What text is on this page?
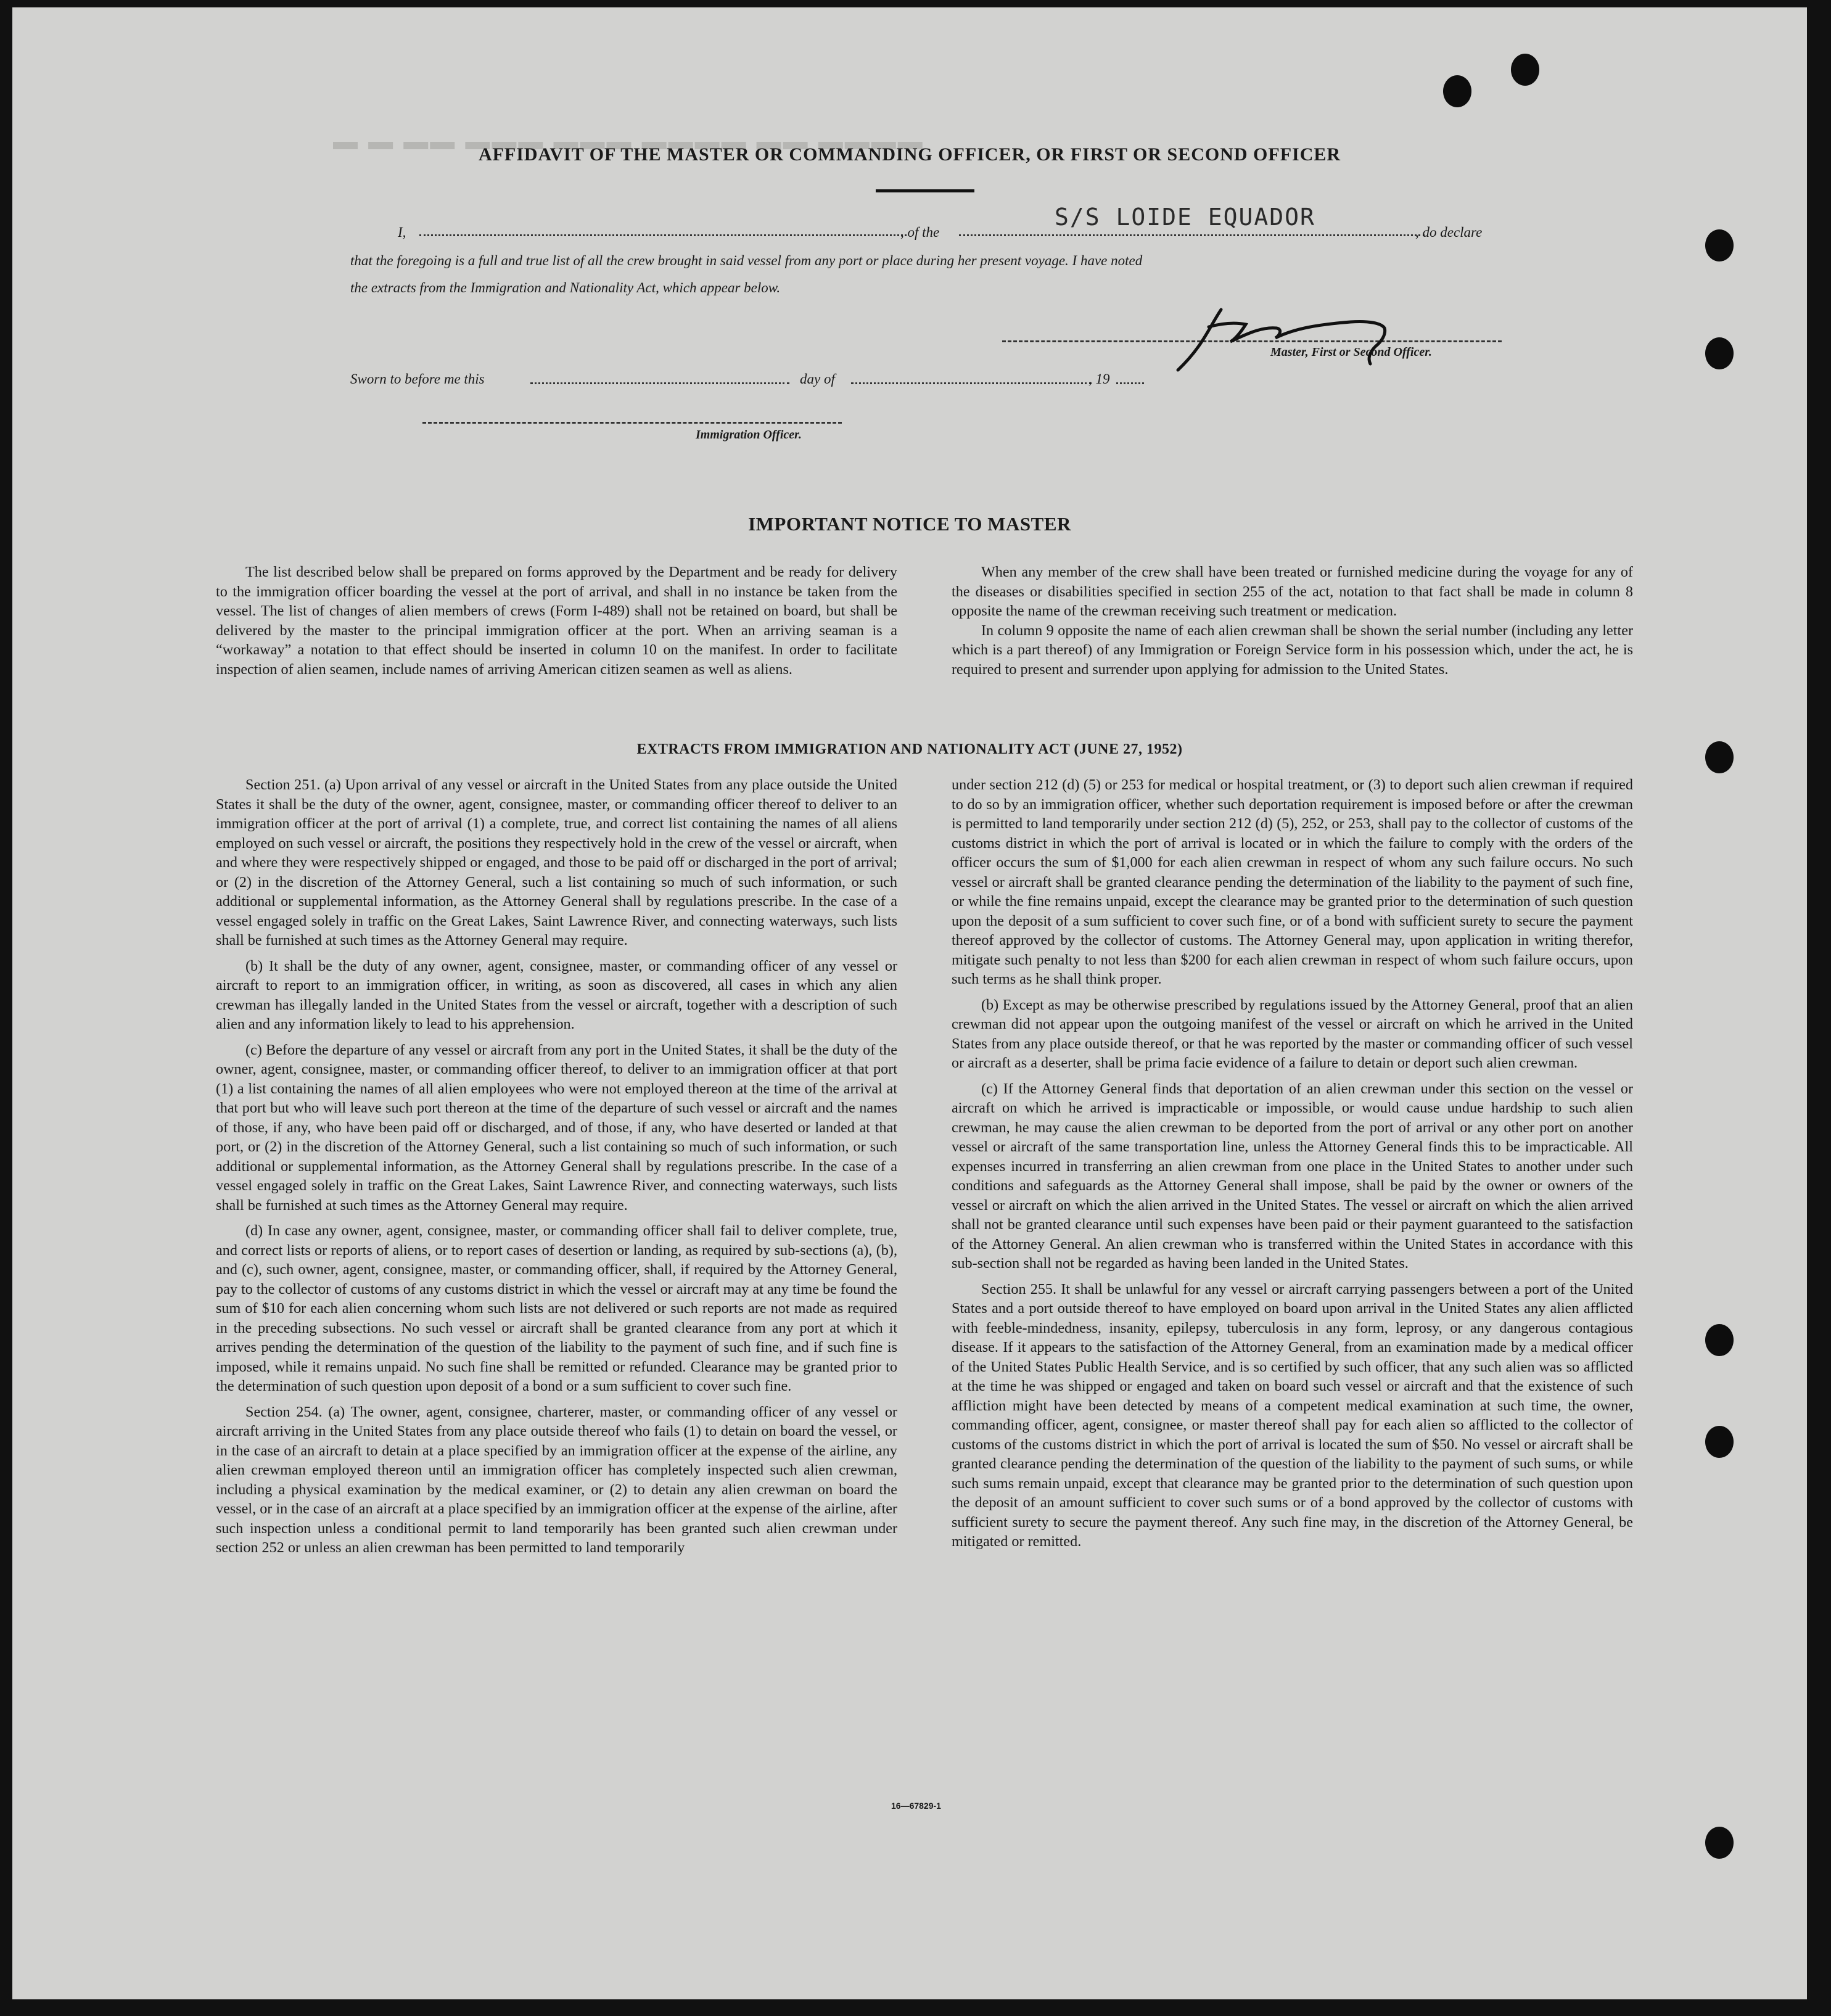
▬ ▬ ▬▬ ▬▬▬ ▬▬▬ ▬▬▬▬ ▬▬ ▬▬▬▬
AFFIDAVIT OF THE MASTER OR COMMANDING OFFICER, OR FIRST OR SECOND OFFICER
I,	, of the
S/S LOIDE EQUADOR
, do declare
that the foregoing is a full and true list of all the crew brought in said vessel from any port or place during her present voyage. I have noted
the extracts from the Immigration and Nationality Act, which appear below.
Master, First or Second Officer.
Sworn to before me this	day of	, 19
Immigration Officer.
IMPORTANT NOTICE TO MASTER

The list described below shall be prepared on forms approved by the Department and be ready for delivery to the immigration officer boarding the vessel at the port of arrival, and shall in no instance be taken from the vessel. The list of changes of alien members of crews (Form I-489) shall not be retained on board, but shall be delivered by the master to the principal immigration officer at the port. When an arriving seaman is a “workaway” a notation to that effect should be inserted in column 10 on the manifest. In order to facilitate inspection of alien seamen, include names of arriving American citizen seamen as well as aliens.

When any member of the crew shall have been treated or furnished medicine during the voyage for any of the diseases or disabilities specified in section 255 of the act, notation to that fact shall be made in column 8 opposite the name of the crewman receiving such treatment or medication.

In column 9 opposite the name of each alien crewman shall be shown the serial number (including any letter which is a part thereof) of any Immigration or Foreign Service form in his possession which, under the act, he is required to present and surrender upon applying for admission to the United States.

EXTRACTS FROM IMMIGRATION AND NATIONALITY ACT (JUNE 27, 1952)

Section 251. (a) Upon arrival of any vessel or aircraft in the United States from any place outside the United States it shall be the duty of the owner, agent, consignee, master, or commanding officer thereof to deliver to an immigration officer at the port of arrival (1) a complete, true, and correct list containing the names of all aliens employed on such vessel or aircraft, the positions they respectively hold in the crew of the vessel or aircraft, when and where they were respectively shipped or engaged, and those to be paid off or discharged in the port of arrival; or (2) in the discretion of the Attorney General, such a list containing so much of such information, or such additional or supplemental information, as the Attorney General shall by regulations prescribe. In the case of a vessel engaged solely in traffic on the Great Lakes, Saint Lawrence River, and connecting waterways, such lists shall be furnished at such times as the Attorney General may require.

(b) It shall be the duty of any owner, agent, consignee, master, or commanding officer of any vessel or aircraft to report to an immigration officer, in writing, as soon as discovered, all cases in which any alien crewman has illegally landed in the United States from the vessel or aircraft, together with a description of such alien and any information likely to lead to his apprehension.

(c) Before the departure of any vessel or aircraft from any port in the United States, it shall be the duty of the owner, agent, consignee, master, or commanding officer thereof, to deliver to an immigration officer at that port (1) a list containing the names of all alien employees who were not employed thereon at the time of the arrival at that port but who will leave such port thereon at the time of the departure of such vessel or aircraft and the names of those, if any, who have been paid off or discharged, and of those, if any, who have deserted or landed at that port, or (2) in the discretion of the Attorney General, such a list containing so much of such information, or such additional or supplemental information, as the Attorney General shall by regulations prescribe. In the case of a vessel engaged solely in traffic on the Great Lakes, Saint Lawrence River, and connecting waterways, such lists shall be furnished at such times as the Attorney General may require.

(d) In case any owner, agent, consignee, master, or commanding officer shall fail to deliver complete, true, and correct lists or reports of aliens, or to report cases of desertion or landing, as required by sub-sections (a), (b), and (c), such owner, agent, consignee, master, or commanding officer, shall, if required by the Attorney General, pay to the collector of customs of any customs district in which the vessel or aircraft may at any time be found the sum of $10 for each alien concerning whom such lists are not delivered or such reports are not made as required in the preceding subsections. No such vessel or aircraft shall be granted clearance from any port at which it arrives pending the determination of the question of the liability to the payment of such fine, and if such fine is imposed, while it remains unpaid. No such fine shall be remitted or refunded. Clearance may be granted prior to the determination of such question upon deposit of a bond or a sum sufficient to cover such fine.

Section 254. (a) The owner, agent, consignee, charterer, master, or commanding officer of any vessel or aircraft arriving in the United States from any place outside thereof who fails (1) to detain on board the vessel, or in the case of an aircraft to detain at a place specified by an immigration officer at the expense of the airline, any alien crewman employed thereon until an immigration officer has completely inspected such alien crewman, including a physical examination by the medical examiner, or (2) to detain any alien crewman on board the vessel, or in the case of an aircraft at a place specified by an immigration officer at the expense of the airline, after such inspection unless a conditional permit to land temporarily has been granted such alien crewman under section 252 or unless an alien crewman has been permitted to land temporarily

under section 212 (d) (5) or 253 for medical or hospital treatment, or (3) to deport such alien crewman if required to do so by an immigration officer, whether such deportation requirement is imposed before or after the crewman is permitted to land temporarily under section 212 (d) (5), 252, or 253, shall pay to the collector of customs of the customs district in which the port of arrival is located or in which the failure to comply with the orders of the officer occurs the sum of $1,000 for each alien crewman in respect of whom any such failure occurs. No such vessel or aircraft shall be granted clearance pending the determination of the liability to the payment of such fine, or while the fine remains unpaid, except the clearance may be granted prior to the determination of such question upon the deposit of a sum sufficient to cover such fine, or of a bond with sufficient surety to secure the payment thereof approved by the collector of customs. The Attorney General may, upon application in writing therefor, mitigate such penalty to not less than $200 for each alien crewman in respect of whom such failure occurs, upon such terms as he shall think proper.

(b) Except as may be otherwise prescribed by regulations issued by the Attorney General, proof that an alien crewman did not appear upon the outgoing manifest of the vessel or aircraft on which he arrived in the United States from any place outside thereof, or that he was reported by the master or commanding officer of such vessel or aircraft as a deserter, shall be prima facie evidence of a failure to detain or deport such alien crewman.

(c) If the Attorney General finds that deportation of an alien crewman under this section on the vessel or aircraft on which he arrived is impracticable or impossible, or would cause undue hardship to such alien crewman, he may cause the alien crewman to be deported from the port of arrival or any other port on another vessel or aircraft of the same transportation line, unless the Attorney General finds this to be impracticable. All expenses incurred in transferring an alien crewman from one place in the United States to another under such conditions and safeguards as the Attorney General shall impose, shall be paid by the owner or owners of the vessel or aircraft on which the alien arrived in the United States. The vessel or aircraft on which the alien arrived shall not be granted clearance until such expenses have been paid or their payment guaranteed to the satisfaction of the Attorney General. An alien crewman who is transferred within the United States in accordance with this sub-section shall not be regarded as having been landed in the United States.

Section 255. It shall be unlawful for any vessel or aircraft carrying passengers between a port of the United States and a port outside thereof to have employed on board upon arrival in the United States any alien afflicted with feeble-mindedness, insanity, epilepsy, tuberculosis in any form, leprosy, or any dangerous contagious disease. If it appears to the satisfaction of the Attorney General, from an examination made by a medical officer of the United States Public Health Service, and is so certified by such officer, that any such alien was so afflicted at the time he was shipped or engaged and taken on board such vessel or aircraft and that the existence of such affliction might have been detected by means of a competent medical examination at such time, the owner, commanding officer, agent, consignee, or master thereof shall pay for each alien so afflicted to the collector of customs of the customs district in which the port of arrival is located the sum of $50. No vessel or aircraft shall be granted clearance pending the determination of the question of the liability to the payment of such sums, or while such sums remain unpaid, except that clearance may be granted prior to the determination of such question upon the deposit of an amount sufficient to cover such sums or of a bond approved by the collector of customs with sufficient surety to secure the payment thereof. Any such fine may, in the discretion of the Attorney General, be mitigated or remitted.

16—67829-1
